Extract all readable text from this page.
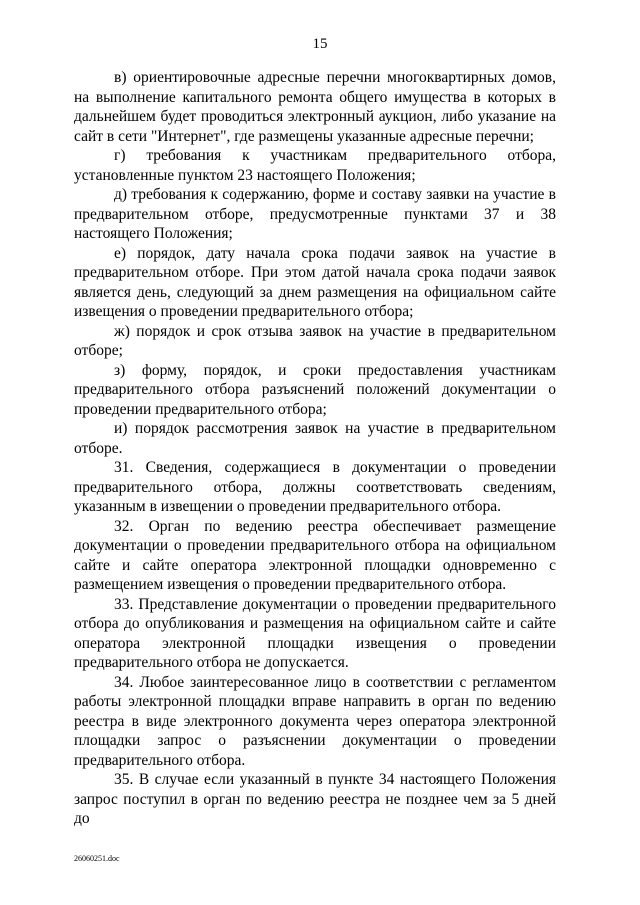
15

в) ориентировочные адресные перечни многоквартирных домов, на выполнение капитального ремонта общего имущества в которых в дальнейшем будет проводиться электронный аукцион, либо указание на сайт в сети "Интернет", где размещены указанные адресные перечни;

г) требования к участникам предварительного отбора, установленные пунктом 23 настоящего Положения;

д) требования к содержанию, форме и составу заявки на участие в предварительном отборе, предусмотренные пунктами 37 и 38 настоящего Положения;

е) порядок, дату начала срока подачи заявок на участие в предварительном отборе. При этом датой начала срока подачи заявок является день, следующий за днем размещения на официальном сайте извещения о проведении предварительного отбора;

ж) порядок и срок отзыва заявок на участие в предварительном отборе;

з) форму, порядок, и сроки предоставления участникам предварительного отбора разъяснений положений документации о проведении предварительного отбора;

и) порядок рассмотрения заявок на участие в предварительном отборе.

31. Сведения, содержащиеся в документации о проведении предварительного отбора, должны соответствовать сведениям, указанным в извещении о проведении предварительного отбора.

32. Орган по ведению реестра обеспечивает размещение документации о проведении предварительного отбора на официальном сайте и сайте оператора электронной площадки одновременно с размещением извещения о проведении предварительного отбора.

33. Представление документации о проведении предварительного отбора до опубликования и размещения на официальном сайте и сайте оператора электронной площадки извещения о проведении предварительного отбора не допускается.

34. Любое заинтересованное лицо в соответствии с регламентом работы электронной площадки вправе направить в орган по ведению реестра в виде электронного документа через оператора электронной площадки запрос о разъяснении документации о проведении предварительного отбора.

35. В случае если указанный в пункте 34 настоящего Положения запрос поступил в орган по ведению реестра не позднее чем за 5 дней до

26060251.doc
